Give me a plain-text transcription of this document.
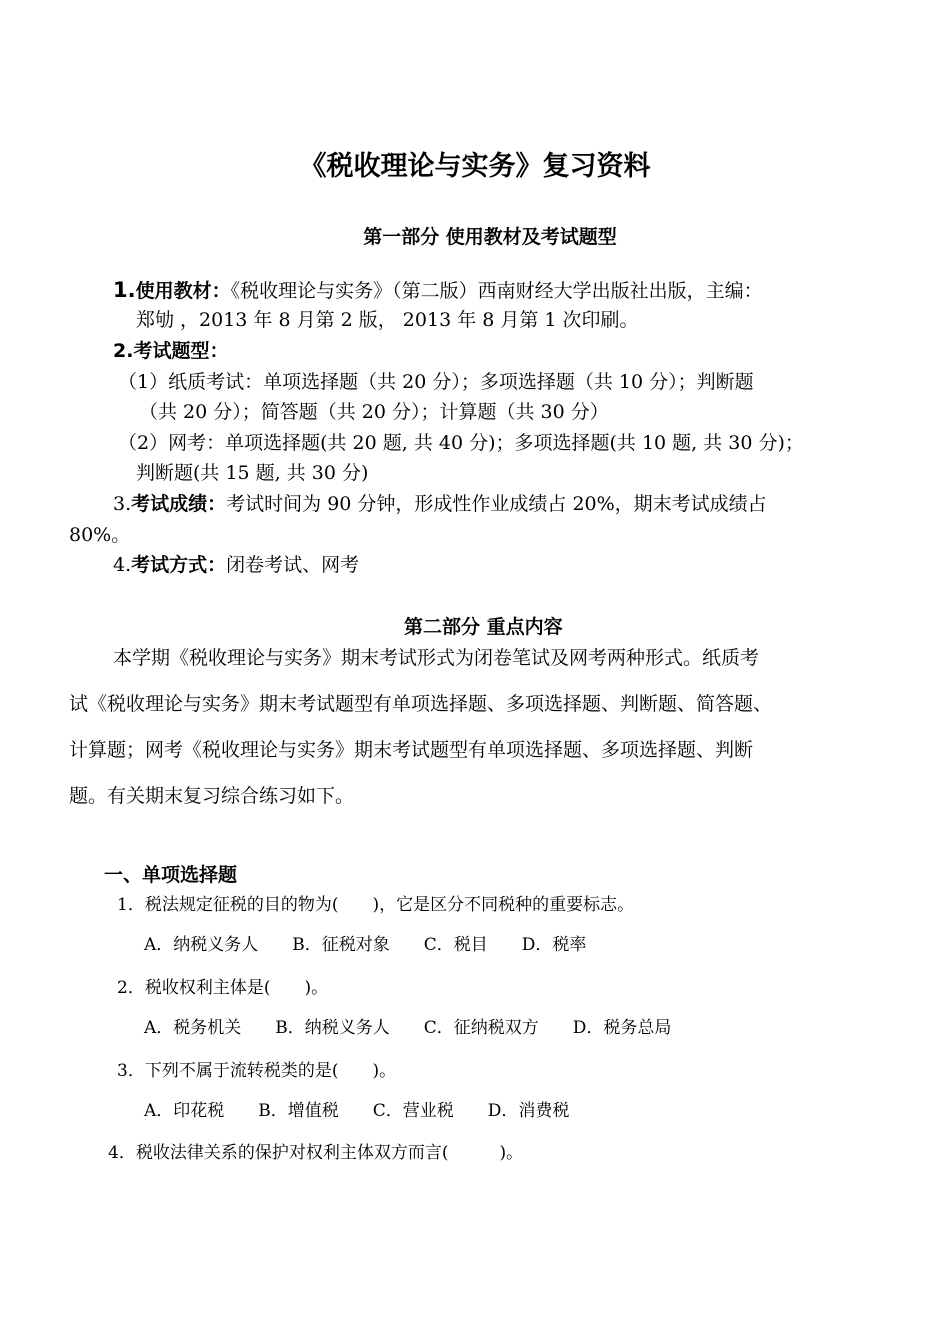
《税收理论与实务》复习资料
第一部分 使用教材及考试题型
1.使用教材：《税收理论与实务》（第二版）西南财经大学出版社出版，主编：
郑劬 ，2013 年 8 月第 2 版， 2013 年 8 月第 1 次印刷。
2.考试题型：
（1）纸质考试：单项选择题（共 20 分）；多项选择题（共 10 分）；判断题
（共 20 分）；简答题（共 20 分）；计算题（共 30 分）
（2）网考：单项选择题(共 20 题, 共 40 分)；多项选择题(共 10 题, 共 30 分)；
判断题(共 15 题, 共 30 分)
3.考试成绩：考试时间为 90 分钟，形成性作业成绩占 20%，期末考试成绩占
80%。
4.考试方式：闭卷考试、网考
第二部分 重点内容
本学期《税收理论与实务》期末考试形式为闭卷笔试及网考两种形式。纸质考
试《税收理论与实务》期末考试题型有单项选择题、多项选择题、判断题、简答题、
计算题；网考《税收理论与实务》期末考试题型有单项选择题、多项选择题、判断
题。有关期末复习综合练习如下。
一、单项选择题
1．税法规定征税的目的物为(　　)，它是区分不同税种的重要标志。
A．纳税义务人　　B．征税对象　　C．税目　　D．税率
2．税收权利主体是(　　)。
A．税务机关　　B．纳税义务人　　C．征纳税双方　　D．税务总局
3．下列不属于流转税类的是(　　)。
A．印花税　　B．增值税　　C．营业税　　D．消费税
4．税收法律关系的保护对权利主体双方而言(　　　)。
